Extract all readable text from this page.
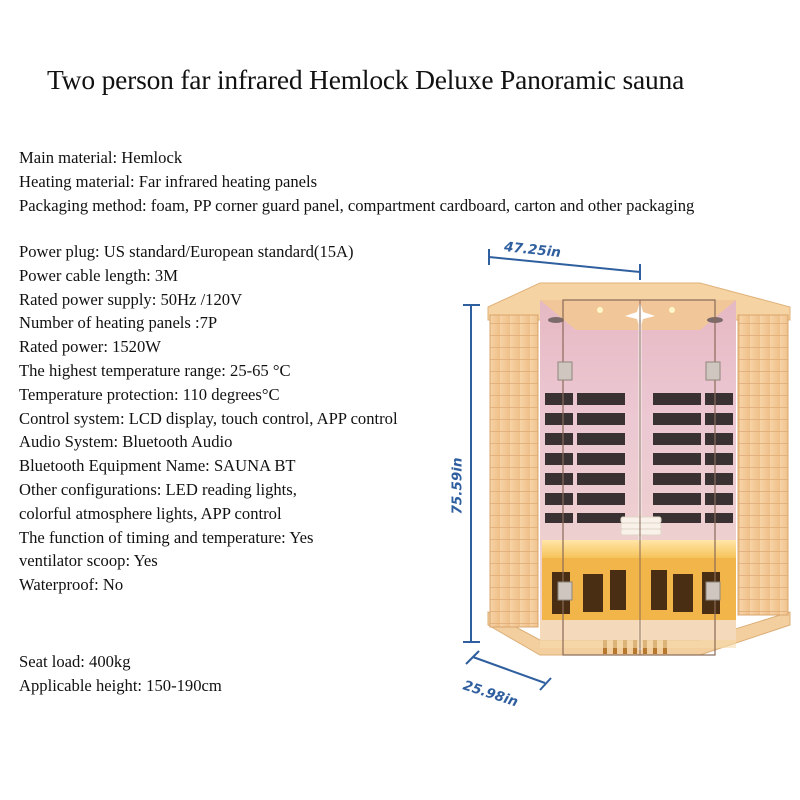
Two person far infrared Hemlock Deluxe Panoramic sauna
Main material: Hemlock
Heating material: Far infrared heating panels
Packaging method: foam, PP corner guard panel, compartment cardboard, carton and other packaging
Power plug: US standard/European standard(15A)
Power cable length: 3M
Rated power supply: 50Hz /120V
Number of heating panels :7P
Rated power: 1520W
The highest temperature range: 25-65 °C
Temperature protection: 110 degrees°C
Control system: LCD display, touch control, APP control
Audio System: Bluetooth Audio
Bluetooth Equipment Name: SAUNA BT
Other configurations: LED reading lights,
colorful atmosphere lights, APP control
The function of timing and temperature: Yes
ventilator scoop: Yes
Waterproof: No
Seat load: 400kg
Applicable height: 150-190cm
47.25in
75.59in
25.98in
